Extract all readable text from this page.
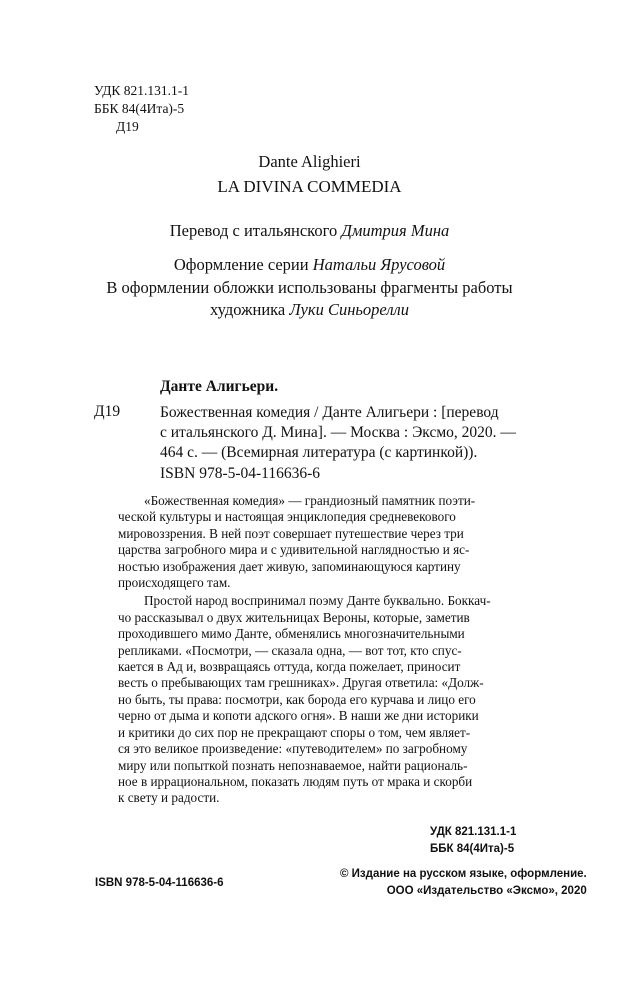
УДК 821.131.1-1
ББК 84(4Ита)-5
Д19
Dante Alighieri
LA DIVINA COMMEDIA
Перевод с итальянского Дмитрия Мина
Оформление серии Натальи Ярусовой
В оформлении обложки использованы фрагменты работы
художника Луки Синьорелли
Данте Алигьери.
Д19	Божественная комедия / Данте Алигьери : [перевод
с итальянского Д. Мина]. — Москва : Эксмо, 2020. —
464 с. — (Всемирная литература (с картинкой)).
ISBN 978-5-04-116636-6

«Божественная комедия» — грандиозный памятник поэти-
ческой культуры и настоящая энциклопедия средневекового
мировоззрения. В ней поэт совершает путешествие через три
царства загробного мира и с удивительной наглядностью и яс-
ностью изображения дает живую, запоминающуюся картину
происходящего там.

Простой народ воспринимал поэму Данте буквально. Боккач-
чо рассказывал о двух жительницах Вероны, которые, заметив
проходившего мимо Данте, обменялись многозначительными
репликами. «Посмотри, — сказала одна, — вот тот, кто спус-
кается в Ад и, возвращаясь оттуда, когда пожелает, приносит
весть о пребывающих там грешниках». Другая ответила: «Долж-
но быть, ты права: посмотри, как борода его курчава и лицо его
черно от дыма и копоти адского огня». В наши же дни историки
и критики до сих пор не прекращают споры о том, чем являет-
ся это великое произведение: «путеводителем» по загробному
миру или попыткой познать непознаваемое, найти рациональ-
ное в иррациональном, показать людям путь от мрака и скорби
к свету и радости.

УДК 821.131.1-1
ББК 84(4Ита)-5
ISBN 978-5-04-116636-6
© Издание на русском языке, оформление.
ООО «Издательство «Эксмо», 2020
